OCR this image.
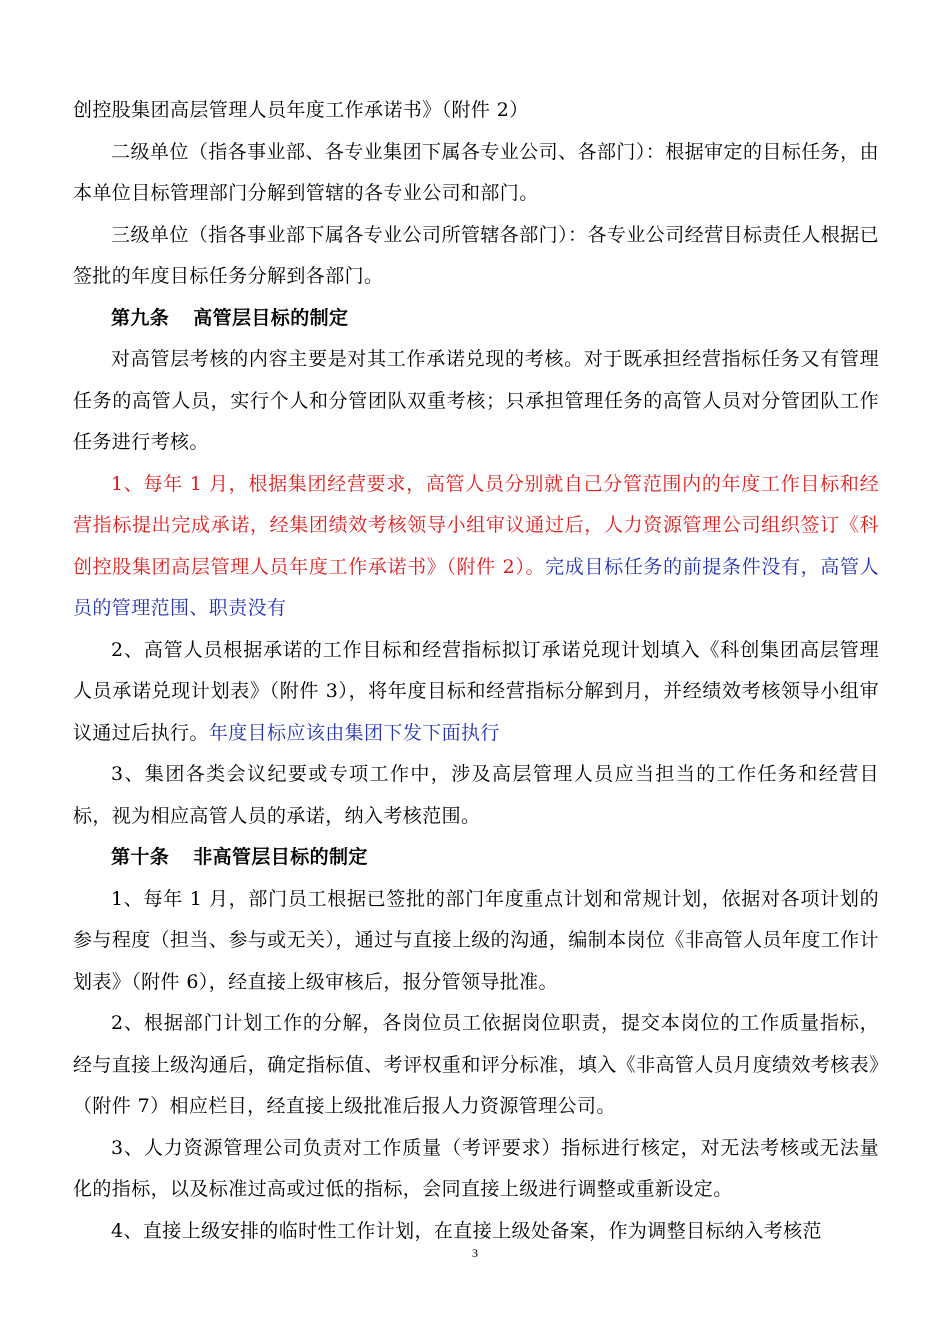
创控股集团高层管理人员年度工作承诺书》（附件 2）

二级单位（指各事业部、各专业集团下属各专业公司、各部门）：根据审定的目标任务，由本单位目标管理部门分解到管辖的各专业公司和部门。

三级单位（指各事业部下属各专业公司所管辖各部门）：各专业公司经营目标责任人根据已签批的年度目标任务分解到各部门。

第九条 高管层目标的制定

对高管层考核的内容主要是对其工作承诺兑现的考核。对于既承担经营指标任务又有管理任务的高管人员，实行个人和分管团队双重考核；只承担管理任务的高管人员对分管团队工作任务进行考核。

1、每年 1 月，根据集团经营要求，高管人员分别就自己分管范围内的年度工作目标和经营指标提出完成承诺，经集团绩效考核领导小组审议通过后，人力资源管理公司组织签订《科创控股集团高层管理人员年度工作承诺书》（附件 2）。完成目标任务的前提条件没有，高管人员的管理范围、职责没有

2、高管人员根据承诺的工作目标和经营指标拟订承诺兑现计划填入《科创集团高层管理人员承诺兑现计划表》（附件 3），将年度目标和经营指标分解到月，并经绩效考核领导小组审议通过后执行。年度目标应该由集团下发下面执行

3、集团各类会议纪要或专项工作中，涉及高层管理人员应当担当的工作任务和经营目标，视为相应高管人员的承诺，纳入考核范围。

第十条 非高管层目标的制定

1、每年 1 月，部门员工根据已签批的部门年度重点计划和常规计划，依据对各项计划的参与程度（担当、参与或无关），通过与直接上级的沟通，编制本岗位《非高管人员年度工作计划表》（附件 6），经直接上级审核后，报分管领导批准。

2、根据部门计划工作的分解，各岗位员工依据岗位职责，提交本岗位的工作质量指标，经与直接上级沟通后，确定指标值、考评权重和评分标准，填入《非高管人员月度绩效考核表》（附件 7）相应栏目，经直接上级批准后报人力资源管理公司。

3、人力资源管理公司负责对工作质量（考评要求）指标进行核定，对无法考核或无法量化的指标，以及标准过高或过低的指标，会同直接上级进行调整或重新设定。

4、直接上级安排的临时性工作计划，在直接上级处备案，作为调整目标纳入考核范

3
